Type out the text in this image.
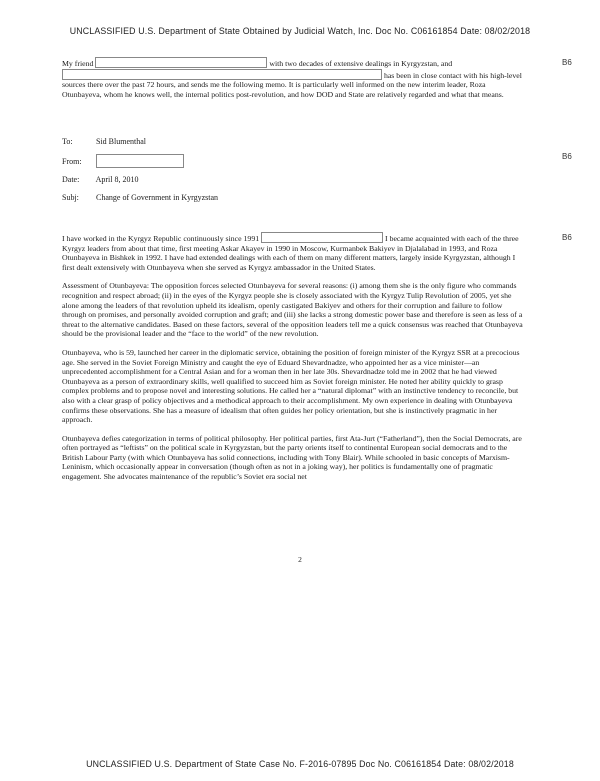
UNCLASSIFIED U.S. Department of State Obtained by Judicial Watch, Inc. Doc No. C06161854 Date: 08/02/2018
B6
B6
B6

My friend	with two decades of extensive dealings in Kyrgyzstan, and
has been in close contact with his high-level sources there over the past 72 hours, and sends me the following memo. It is particularly well informed on the new interim leader, Roza Otunbayeva, whom he knows well, the internal politics post-revolution, and how DOD and State are relatively regarded and what that means.

To:	Sid Blumenthal
From:
Date: April 8, 2010
Subj: Change of Government in Kyrgyzstan

I have worked in the Kyrgyz Republic continuously since 1991	I became acquainted with each of the three Kyrgyz leaders from about that time, first meeting Askar Akayev in 1990 in Moscow, Kurmanbek Bakiyev in Djalalabad in 1993, and Roza Otunbayeva in Bishkek in 1992. I have had extended dealings with each of them on many different matters, largely inside Kyrgyzstan, although I first dealt extensively with Otunbayeva when she served as Kyrgyz ambassador in the United States.

Assessment of Otunbayeva: The opposition forces selected Otunbayeva for several reasons: (i) among them she is the only figure who commands recognition and respect abroad; (ii) in the eyes of the Kyrgyz people she is closely associated with the Kyrgyz Tulip Revolution of 2005, yet she alone among the leaders of that revolution upheld its idealism, openly castigated Bakiyev and others for their corruption and failure to follow through on promises, and personally avoided corruption and graft; and (iii) she lacks a strong domestic power base and therefore is seen as less of a threat to the alternative candidates. Based on these factors, several of the opposition leaders tell me a quick consensus was reached that Otunbayeva should be the provisional leader and the “face to the world” of the new revolution.

Otunbayeva, who is 59, launched her career in the diplomatic service, obtaining the position of foreign minister of the Kyrgyz SSR at a precocious age. She served in the Soviet Foreign Ministry and caught the eye of Eduard Shevardnadze, who appointed her as a vice minister—an unprecedented accomplishment for a Central Asian and for a woman then in her late 30s. Shevardnadze told me in 2002 that he had viewed Otunbayeva as a person of extraordinary skills, well qualified to succeed him as Soviet foreign minister. He noted her ability quickly to grasp complex problems and to propose novel and interesting solutions. He called her a “natural diplomat” with an instinctive tendency to reconcile, but also with a clear grasp of policy objectives and a methodical approach to their accomplishment. My own experience in dealing with Otunbayeva confirms these observations. She has a measure of idealism that often guides her policy orientation, but she is instinctively pragmatic in her approach.

Otunbayeva defies categorization in terms of political philosophy. Her political parties, first Ata-Jurt (“Fatherland”), then the Social Democrats, are often portrayed as “leftists” on the political scale in Kyrgyzstan, but the party orients itself to continental European social democrats and to the British Labour Party (with which Otunbayeva has solid connections, including with Tony Blair). While schooled in basic concepts of Marxism-Leninism, which occasionally appear in conversation (though often as not in a joking way), her politics is fundamentally one of pragmatic engagement. She advocates maintenance of the republic’s Soviet era social net

2
UNCLASSIFIED U.S. Department of State Case No. F-2016-07895 Doc No. C06161854 Date: 08/02/2018
